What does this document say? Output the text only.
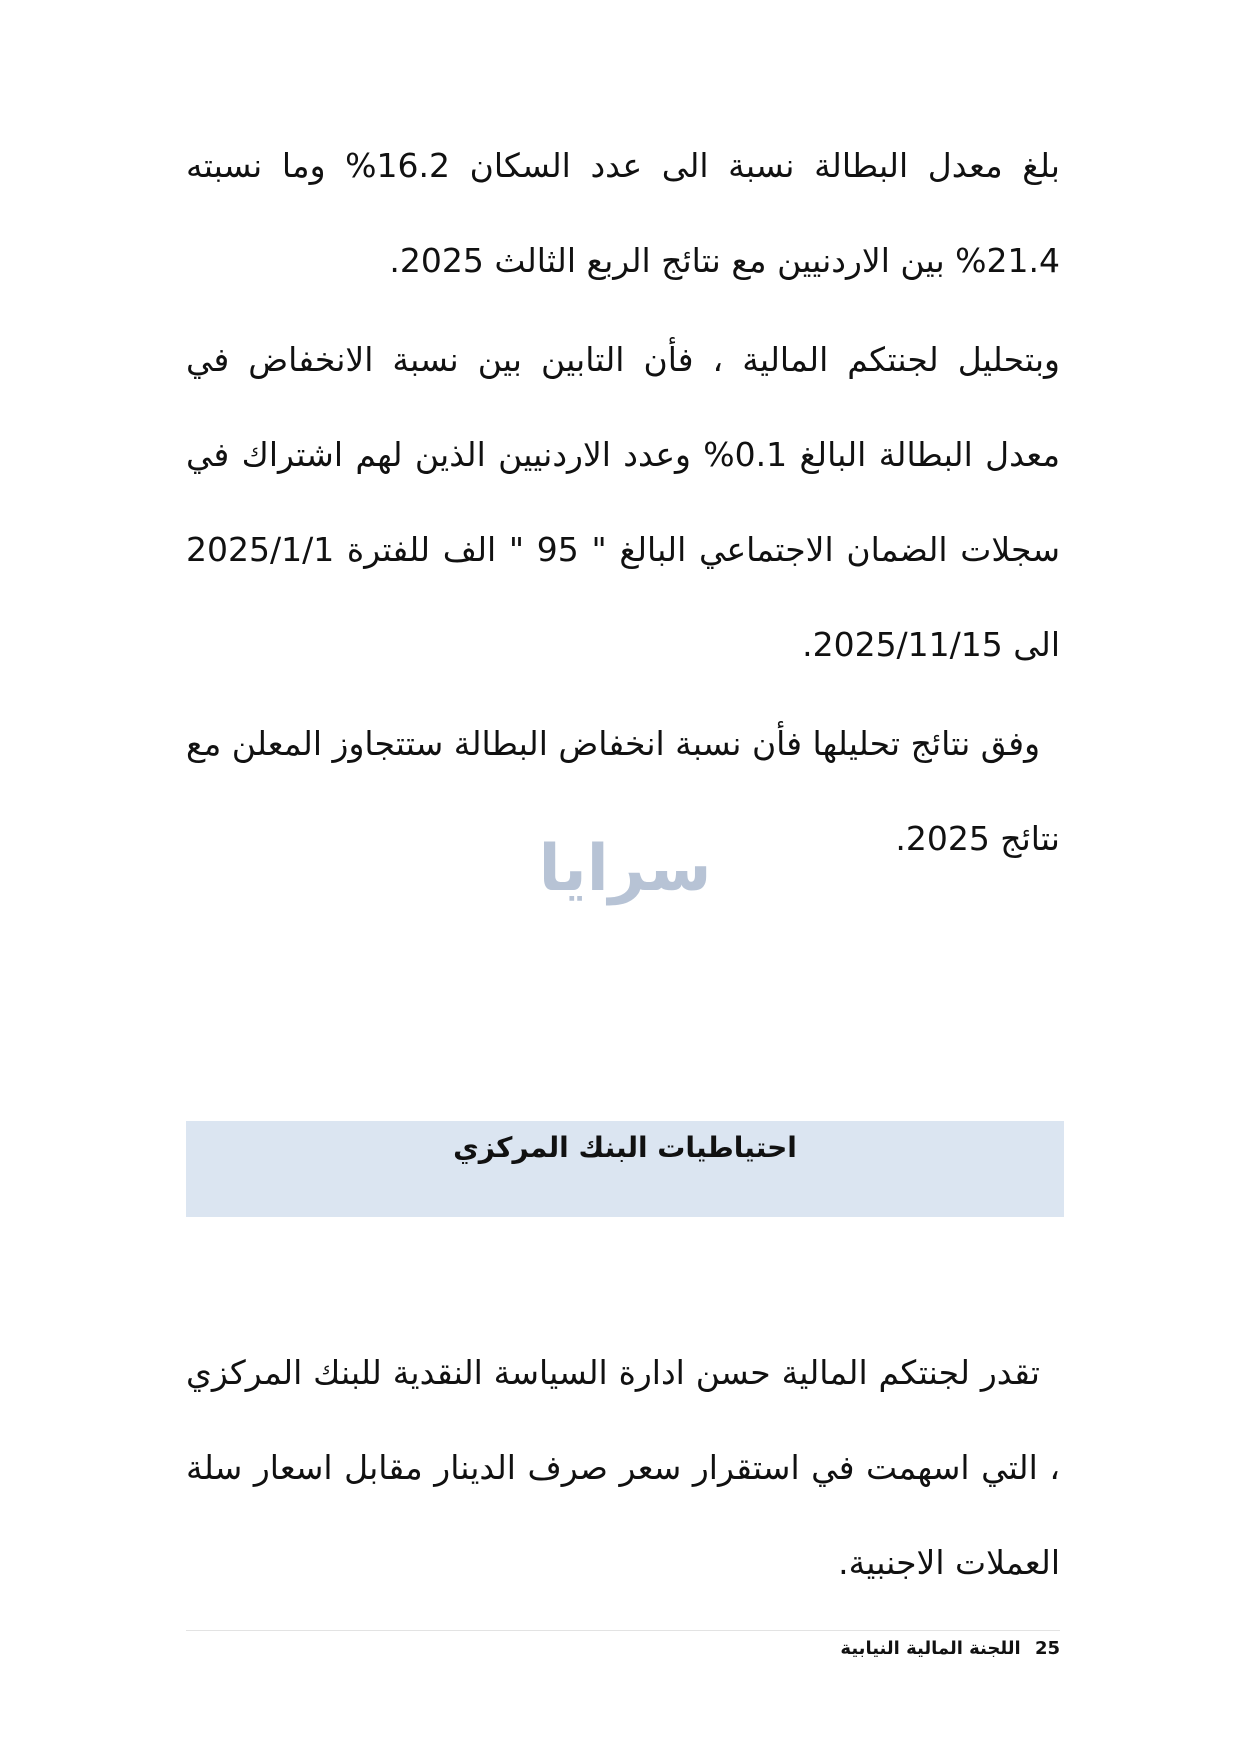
بلغ معدل البطالة نسبة الى عدد السكان 16.2% وما نسبته 21.4% بين الاردنيين مع نتائج الربع الثالث 2025.

وبتحليل لجنتكم المالية ، فأن التابين بين نسبة الانخفاض في معدل البطالة البالغ 0.1% وعدد الاردنيين الذين لهم اشتراك في سجلات الضمان الاجتماعي البالغ " 95 " الف للفترة 2025/1/1 الى 2025/11/15.

وفق نتائج تحليلها فأن نسبة انخفاض البطالة ستتجاوز المعلن مع نتائج 2025.

سرايا
احتياطيات البنك المركزي

تقدر لجنتكم المالية حسن ادارة السياسة النقدية للبنك المركزي ، التي اسهمت في استقرار سعر صرف الدينار مقابل اسعار سلة العملات الاجنبية.

25 اللجنة المالية النيابية
